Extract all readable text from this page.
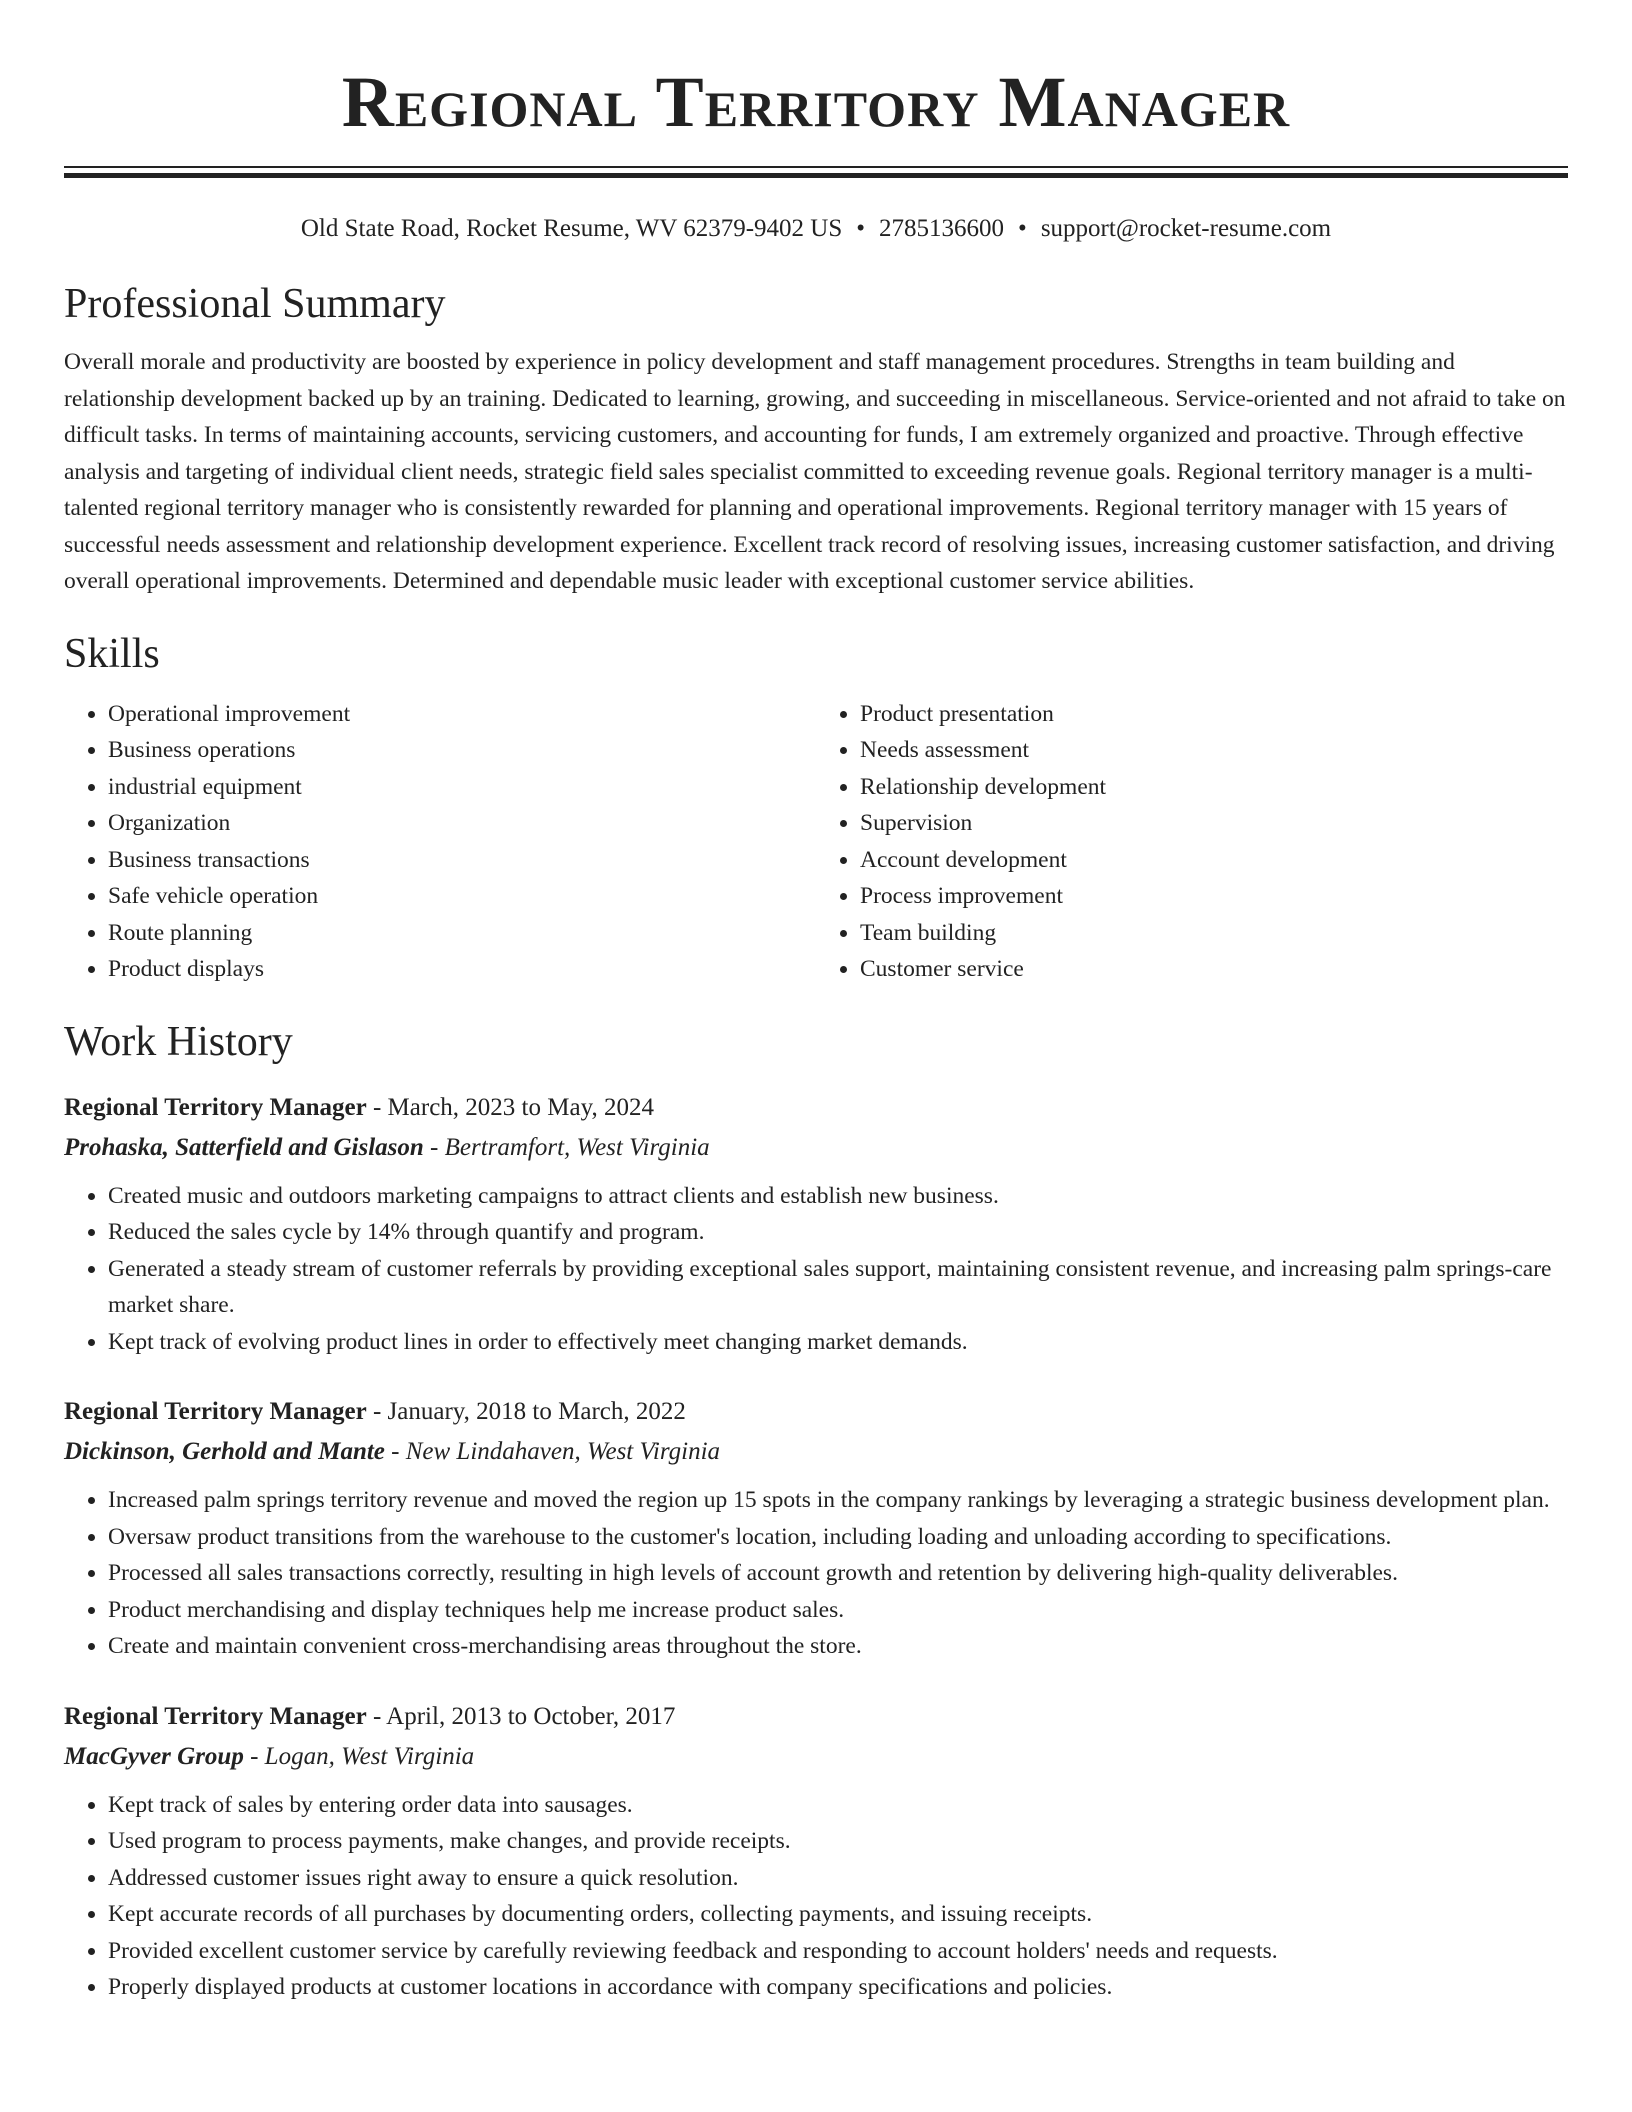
Regional Territory Manager
Old State Road, Rocket Resume, WV 62379-9402 US • 2785136600 • support@rocket-resume.com
Professional Summary

Overall morale and productivity are boosted by experience in policy development and staff management procedures. Strengths in team building and relationship development backed up by an training. Dedicated to learning, growing, and succeeding in miscellaneous. Service-oriented and not afraid to take on difficult tasks. In terms of maintaining accounts, servicing customers, and accounting for funds, I am extremely organized and proactive. Through effective analysis and targeting of individual client needs, strategic field sales specialist committed to exceeding revenue goals. Regional territory manager is a multi-talented regional territory manager who is consistently rewarded for planning and operational improvements. Regional territory manager with 15 years of successful needs assessment and relationship development experience. Excellent track record of resolving issues, increasing customer satisfaction, and driving overall operational improvements. Determined and dependable music leader with exceptional customer service abilities.

Skills
• Operational improvement
• Business operations
• industrial equipment
• Organization
• Business transactions
• Safe vehicle operation
• Route planning
• Product displays
• Product presentation
• Needs assessment
• Relationship development
• Supervision
• Account development
• Process improvement
• Team building
• Customer service
Work History
Regional Territory Manager - March, 2023 to May, 2024
Prohaska, Satterfield and Gislason - Bertramfort, West Virginia
• Created music and outdoors marketing campaigns to attract clients and establish new business.
• Reduced the sales cycle by 14% through quantify and program.
• Generated a steady stream of customer referrals by providing exceptional sales support, maintaining consistent revenue, and increasing palm springs-care market share.
• Kept track of evolving product lines in order to effectively meet changing market demands.
Regional Territory Manager - January, 2018 to March, 2022
Dickinson, Gerhold and Mante - New Lindahaven, West Virginia
• Increased palm springs territory revenue and moved the region up 15 spots in the company rankings by leveraging a strategic business development plan.
• Oversaw product transitions from the warehouse to the customer's location, including loading and unloading according to specifications.
• Processed all sales transactions correctly, resulting in high levels of account growth and retention by delivering high-quality deliverables.
• Product merchandising and display techniques help me increase product sales.
• Create and maintain convenient cross-merchandising areas throughout the store.
Regional Territory Manager - April, 2013 to October, 2017
MacGyver Group - Logan, West Virginia
• Kept track of sales by entering order data into sausages.
• Used program to process payments, make changes, and provide receipts.
• Addressed customer issues right away to ensure a quick resolution.
• Kept accurate records of all purchases by documenting orders, collecting payments, and issuing receipts.
• Provided excellent customer service by carefully reviewing feedback and responding to account holders' needs and requests.
• Properly displayed products at customer locations in accordance with company specifications and policies.
